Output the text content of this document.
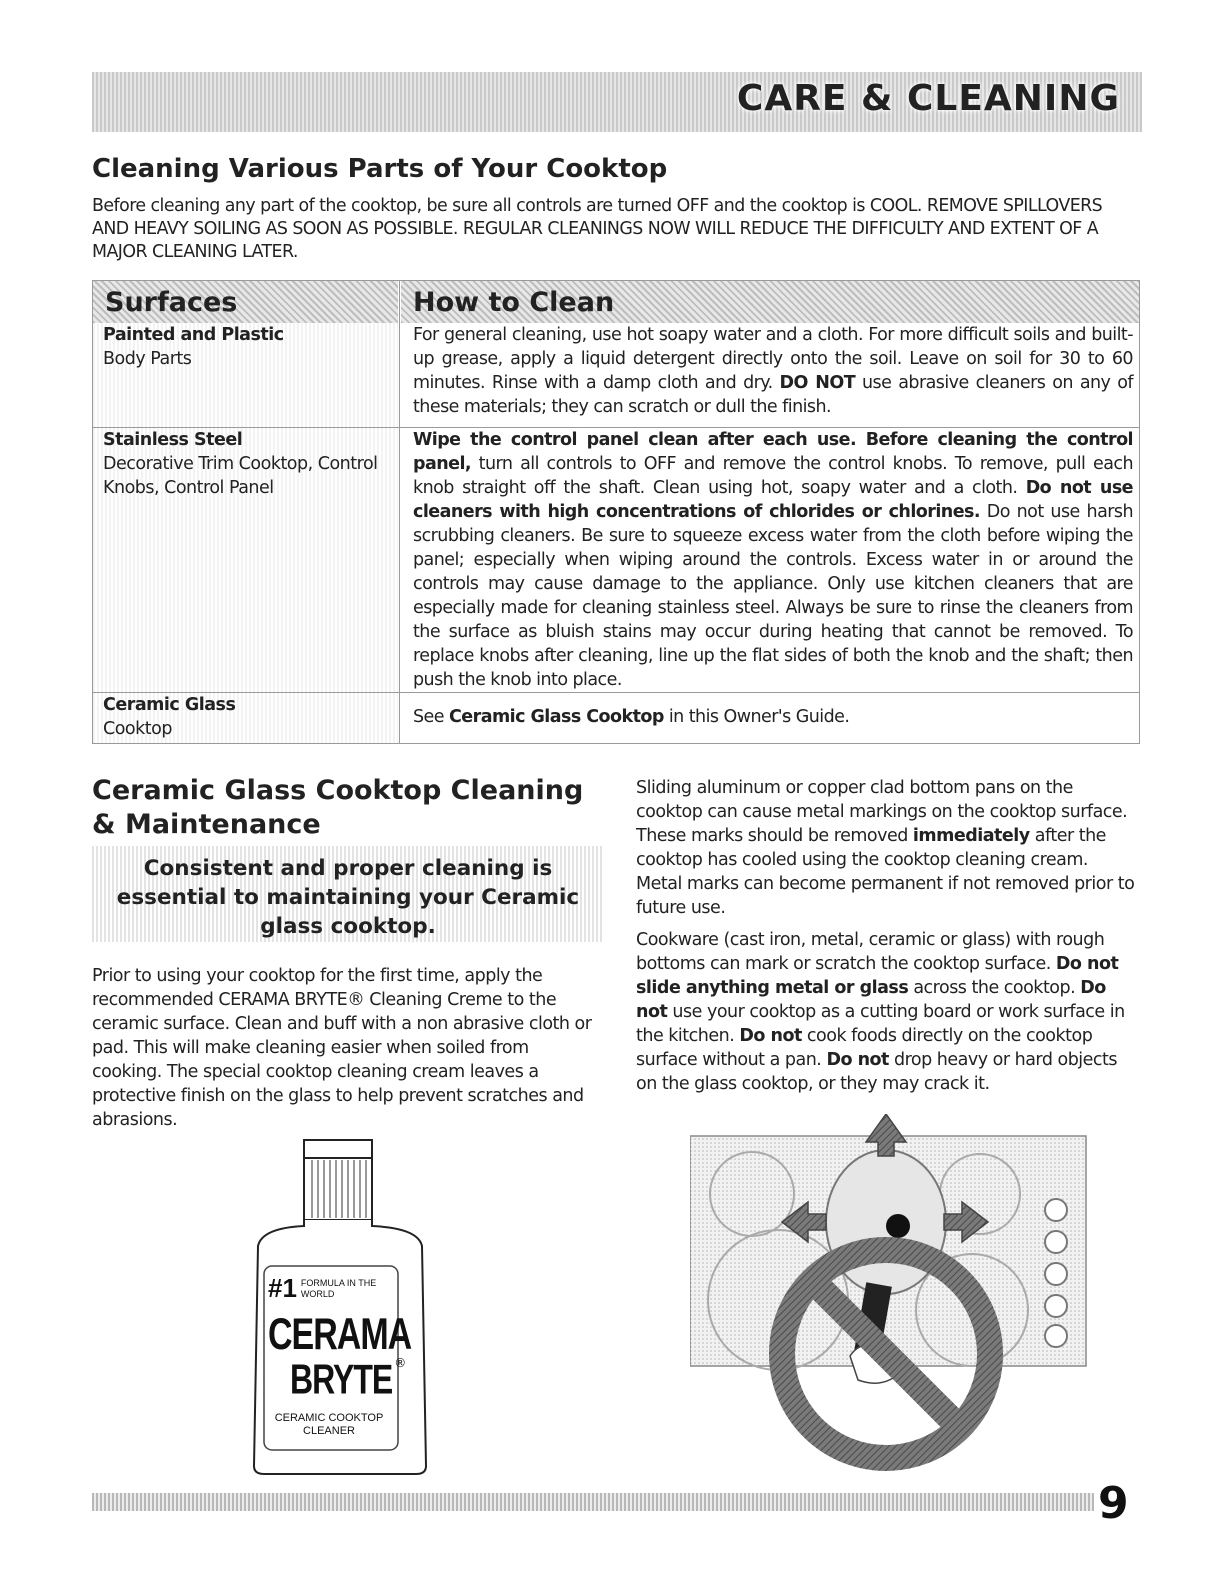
CARE & CLEANING
Cleaning Various Parts of Your Cooktop
Before cleaning any part of the cooktop, be sure all controls are turned OFF and the cooktop is COOL. REMOVE SPILLOVERS AND HEAVY SOILING AS SOON AS POSSIBLE. REGULAR CLEANINGS NOW WILL REDUCE THE DIFFICULTY AND EXTENT OF A MAJOR CLEANING LATER.
Surfaces	How to Clean
Painted and Plastic
Body Parts
For general cleaning, use hot soapy water and a cloth. For more difficult soils and built-up grease, apply a liquid detergent directly onto the soil. Leave on soil for 30 to 60 minutes. Rinse with a damp cloth and dry. DO NOT use abrasive cleaners on any of these materials; they can scratch or dull the finish.
Stainless Steel
Decorative Trim Cooktop, Control Knobs, Control Panel
Wipe the control panel clean after each use. Before cleaning the control panel, turn all controls to OFF and remove the control knobs. To remove, pull each knob straight off the shaft. Clean using hot, soapy water and a cloth. Do not use cleaners with high concentrations of chlorides or chlorines. Do not use harsh scrubbing cleaners. Be sure to squeeze excess water from the cloth before wiping the panel; especially when wiping around the controls. Excess water in or around the controls may cause damage to the appliance. Only use kitchen cleaners that are especially made for cleaning stainless steel. Always be sure to rinse the cleaners from the surface as bluish stains may occur during heating that cannot be removed. To replace knobs after cleaning, line up the flat sides of both the knob and the shaft; then push the knob into place.
Ceramic Glass
Cooktop
See Ceramic Glass Cooktop in this Owner's Guide.
Ceramic Glass Cooktop Cleaning & Maintenance
Consistent and proper cleaning is essential to maintaining your Ceramic glass cooktop.
Prior to using your cooktop for the first time, apply the recommended CERAMA BRYTE® Cleaning Creme to the ceramic surface. Clean and buff with a non abrasive cloth or pad. This will make cleaning easier when soiled from cooking. The special cooktop cleaning cream leaves a protective finish on the glass to help prevent scratches and abrasions.
Sliding aluminum or copper clad bottom pans on the cooktop can cause metal markings on the cooktop surface. These marks should be removed immediately after the cooktop has cooled using the cooktop cleaning cream. Metal marks can become permanent if not removed prior to future use.
Cookware (cast iron, metal, ceramic or glass) with rough bottoms can mark or scratch the cooktop surface. Do not slide anything metal or glass across the cooktop. Do not use your cooktop as a cutting board or work surface in the kitchen. Do not cook foods directly on the cooktop surface without a pan. Do not drop heavy or hard objects on the glass cooktop, or they may crack it.
#1 FORMULA IN THE
WORLD
CERAMA
BRYTE ®
CERAMIC COOKTOP
CLEANER
9
